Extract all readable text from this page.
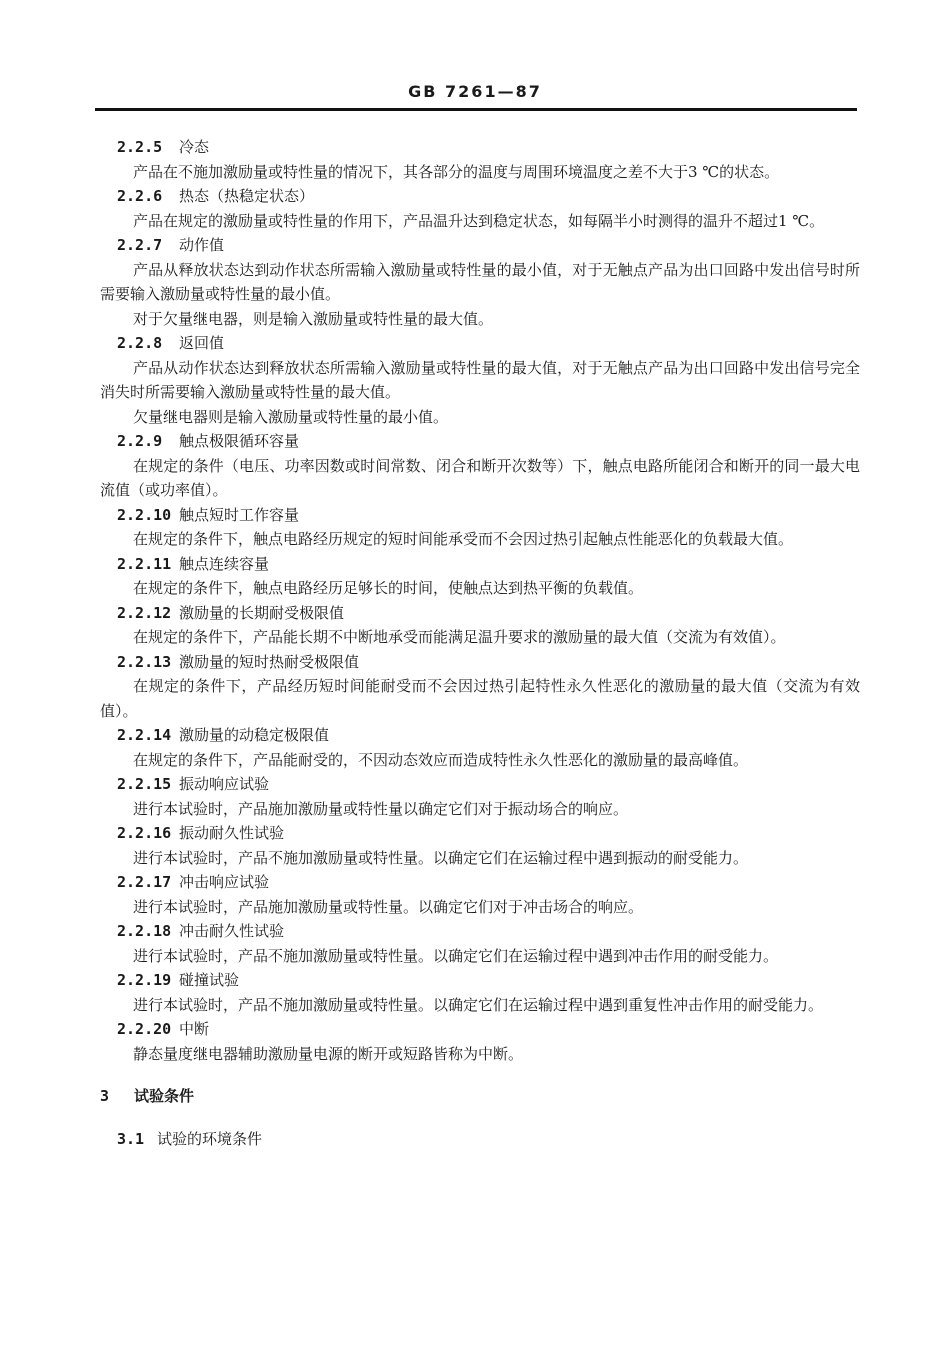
GB 7261—87
2.2.5 冷态
产品在不施加激励量或特性量的情况下，其各部分的温度与周围环境温度之差不大于3 ℃的状态。
2.2.6 热态（热稳定状态）
产品在规定的激励量或特性量的作用下，产品温升达到稳定状态，如每隔半小时测得的温升不超过1 ℃。
2.2.7 动作值
产品从释放状态达到动作状态所需输入激励量或特性量的最小值，对于无触点产品为出口回路中发出信号时所需要输入激励量或特性量的最小值。
对于欠量继电器，则是输入激励量或特性量的最大值。
2.2.8 返回值
产品从动作状态达到释放状态所需输入激励量或特性量的最大值，对于无触点产品为出口回路中发出信号完全消失时所需要输入激励量或特性量的最大值。
欠量继电器则是输入激励量或特性量的最小值。
2.2.9 触点极限循环容量
在规定的条件（电压、功率因数或时间常数、闭合和断开次数等）下，触点电路所能闭合和断开的同一最大电流值（或功率值）。
2.2.10 触点短时工作容量
在规定的条件下，触点电路经历规定的短时间能承受而不会因过热引起触点性能恶化的负载最大值。
2.2.11 触点连续容量
在规定的条件下，触点电路经历足够长的时间，使触点达到热平衡的负载值。
2.2.12 激励量的长期耐受极限值
在规定的条件下，产品能长期不中断地承受而能满足温升要求的激励量的最大值（交流为有效值）。
2.2.13 激励量的短时热耐受极限值
在规定的条件下，产品经历短时间能耐受而不会因过热引起特性永久性恶化的激励量的最大值（交流为有效值）。
2.2.14 激励量的动稳定极限值
在规定的条件下，产品能耐受的，不因动态效应而造成特性永久性恶化的激励量的最高峰值。
2.2.15 振动响应试验
进行本试验时，产品施加激励量或特性量以确定它们对于振动场合的响应。
2.2.16 振动耐久性试验
进行本试验时，产品不施加激励量或特性量。以确定它们在运输过程中遇到振动的耐受能力。
2.2.17 冲击响应试验
进行本试验时，产品施加激励量或特性量。以确定它们对于冲击场合的响应。
2.2.18 冲击耐久性试验
进行本试验时，产品不施加激励量或特性量。以确定它们在运输过程中遇到冲击作用的耐受能力。
2.2.19 碰撞试验
进行本试验时，产品不施加激励量或特性量。以确定它们在运输过程中遇到重复性冲击作用的耐受能力。
2.2.20 中断
静态量度继电器辅助激励量电源的断开或短路皆称为中断。
3 试验条件
3.1 试验的环境条件
